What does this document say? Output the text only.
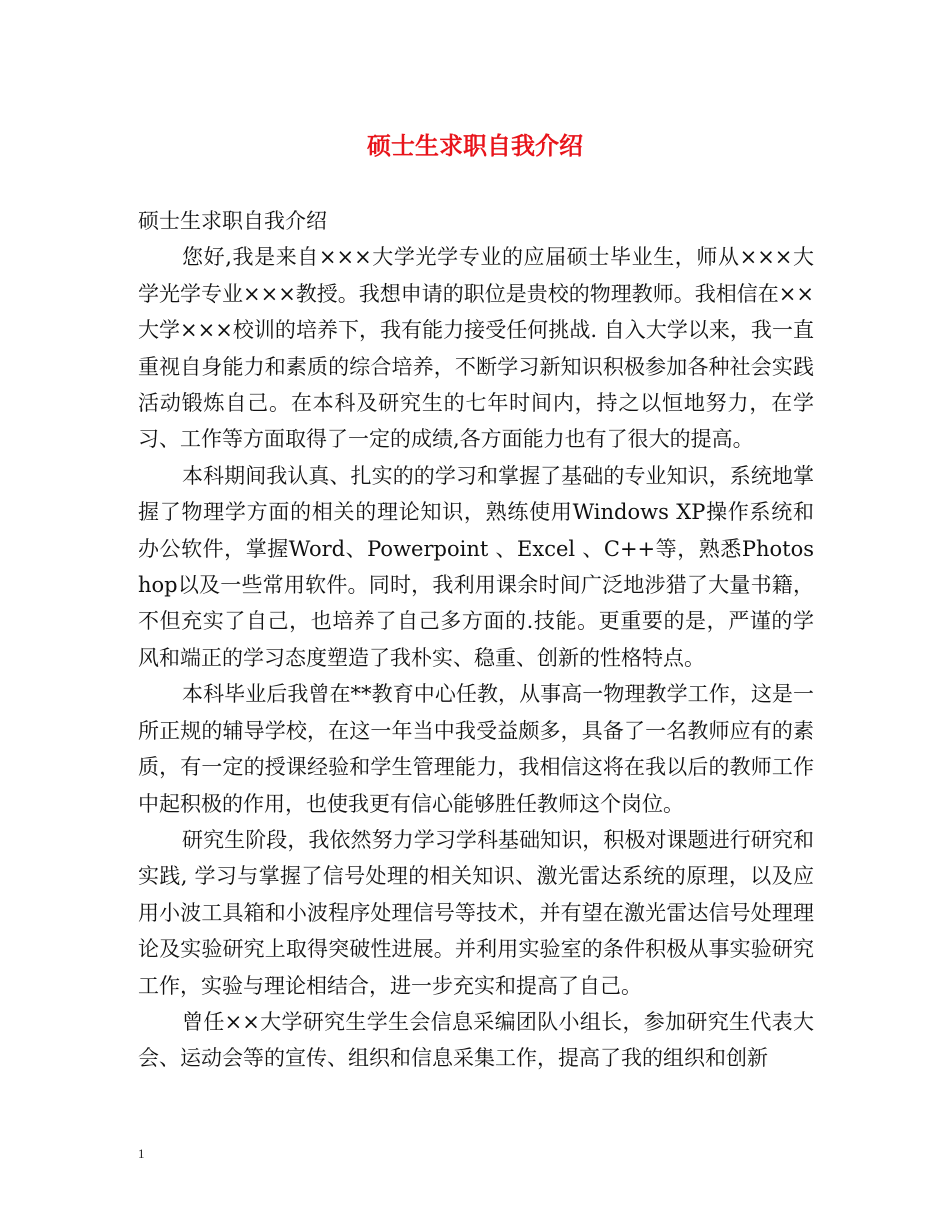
硕士生求职自我介绍

硕士生求职自我介绍

您好,我是来自×××大学光学专业的应届硕士毕业生，师从×××大学光学专业×××教授。我想申请的职位是贵校的物理教师。我相信在××大学×××校训的培养下，我有能力接受任何挑战. 自入大学以来，我一直重视自身能力和素质的综合培养，不断学习新知识积极参加各种社会实践活动锻炼自己。在本科及研究生的七年时间内，持之以恒地努力，在学习、工作等方面取得了一定的成绩,各方面能力也有了很大的提高。

本科期间我认真、扎实的的学习和掌握了基础的专业知识，系统地掌握了物理学方面的相关的理论知识，熟练使用Windows XP操作系统和办公软件，掌握Word、Powerpoint 、Excel 、C++等，熟悉Photoshop以及一些常用软件。同时，我利用课余时间广泛地涉猎了大量书籍，不但充实了自己，也培养了自己多方面的.技能。更重要的是，严谨的学风和端正的学习态度塑造了我朴实、稳重、创新的性格特点。

本科毕业后我曾在**教育中心任教，从事高一物理教学工作，这是一所正规的辅导学校，在这一年当中我受益颇多，具备了一名教师应有的素质，有一定的授课经验和学生管理能力，我相信这将在我以后的教师工作中起积极的作用，也使我更有信心能够胜任教师这个岗位。

研究生阶段，我依然努力学习学科基础知识，积极对课题进行研究和实践, 学习与掌握了信号处理的相关知识、激光雷达系统的原理，以及应用小波工具箱和小波程序处理信号等技术，并有望在激光雷达信号处理理论及实验研究上取得突破性进展。并利用实验室的条件积极从事实验研究工作，实验与理论相结合，进一步充实和提高了自己。

曾任××大学研究生学生会信息采编团队小组长，参加研究生代表大会、运动会等的宣传、组织和信息采集工作，提高了我的组织和创新

1
